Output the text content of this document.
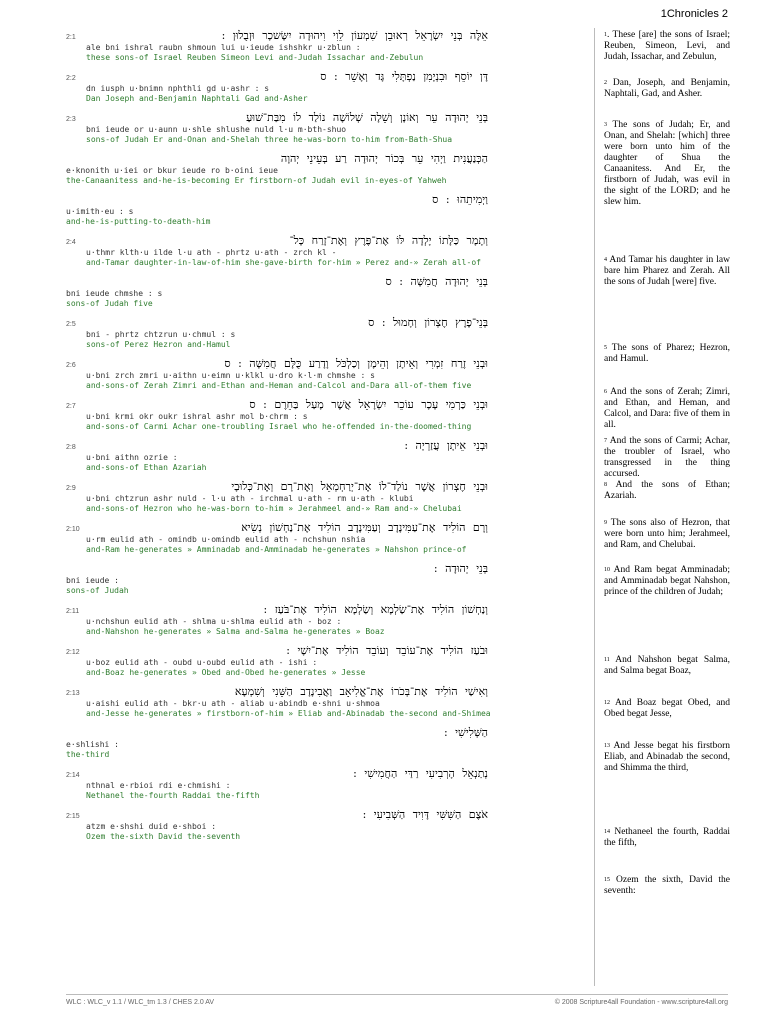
1Chronicles 2
2:1	אֵלֶּה בְּנֵי יִשְׂרָאֵל רְאוּבֵן שִׁמְעוֹן לֵוִי וִיהוּדָה יִשָּׂשכָר וּזְבֻלוּן :
ale bni ishral raubn shmoun lui u·ieude ishshkr u·zblun :
these sons-of Israel Reuben Simeon Levi and-Judah Issachar and-Zebulun
2:2	דָּן יוֹסֵף וּבִנְיָמִן נַפְתָּלִי גָּד וְאָשֵׁר : ס
dn iusph u·bnimn nphthli gd u·ashr : s
Dan Joseph and-Benjamin Naphtali Gad and-Asher
2:3	בְּנֵי יְהוּדָה עֵר וְאוֹנָן וְשֵׁלָה שְׁלוֹשָׁה נוֹלַד לוֹ מִבַּת־שׁוּעַ
bni ieude or u·aunn u·shle shlushe nuld l·u m·bth-shuo
sons-of Judah Er and-Onan and-Shelah three he-was-born to-him from-Bath-Shua
הַכְּנַעֲנִית וַיְהִי עֵר בְּכוֹר יְהוּדָה רַע בְּעֵינֵי יְהוָה
e·knonith u·iei or bkur ieude ro b·oini ieue
the-Canaanitess and-he-is-becoming Er firstborn-of Judah evil in-eyes-of Yahweh
וַיְמִיתֵהוּ : ס
u·imith·eu : s
and-he-is-putting-to-death-him
2:4	וְתָמָר כַּלָּתוֹ יָלְדָה לּוֹ אֶת־פֶּרֶץ וְאֶת־זָרַח כָּל־
u·thmr klth·u ilde l·u ath - phrtz u·ath - zrch kl -
and-Tamar daughter-in-law-of-him she-gave-birth for-him » Perez and-» Zerah all-of
בְּנֵי יְהוּדָה חֲמִשָּׁה : ס
bni ieude chmshe : s
sons-of Judah five
2:5	בְּנֵי־פֶרֶץ חֶצְרוֹן וְחָמוּל : ס
bni - phrtz chtzrun u·chmul : s
sons-of Perez Hezron and-Hamul
2:6	וּבְנֵי זֶרַח זִמְרִי וְאֵיתָן וְהֵימָן וְכַלְכֹּל וָדָרַע כֻּלָּם חֲמִשָּׁה : ס
u·bni zrch zmri u·aithn u·eimn u·klkl u·dro k·l·m chmshe : s
and-sons-of Zerah Zimri and-Ethan and-Heman and-Calcol and-Dara all-of-them five
2:7	וּבְנֵי כַּרְמִי עָכָר עוֹכֵר יִשְׂרָאֵל אֲשֶׁר מָעַל בַּחֵרֶם : ס
u·bni krmi okr oukr ishral ashr mol b·chrm : s
and-sons-of Carmi Achar one-troubling Israel who he-offended in-the-doomed-thing
2:8	וּבְנֵי אֵיתָן עֲזַרְיָה :
u·bni aithn ozrie :
and-sons-of Ethan Azariah
2:9	וּבְנֵי חֶצְרוֹן אֲשֶׁר נוֹלַד־לוֹ אֶת־יְרַחְמְאֵל וְאֶת־רָם וְאֶת־כְּלוּבָי
u·bni chtzrun ashr nuld - l·u ath - irchmal u·ath - rm u·ath - klubi
and-sons-of Hezron who he-was-born to-him » Jerahmeel and-» Ram and-» Chelubai
2:10	וְרָם הוֹלִיד אֶת־עַמִּינָדָב וְעַמִּינָדָב הוֹלִיד אֶת־נַחְשׁוֹן נְשִׂיא
u·rm eulid ath - omindb u·omindb eulid ath - nchshun nshia
and-Ram he-generates » Amminadab and-Amminadab he-generates » Nahshon prince-of
בְּנֵי יְהוּדָה :
bni ieude :
sons-of Judah
2:11	וְנַחְשׁוֹן הוֹלִיד אֶת־שַׂלְמָא וְשַׂלְמָא הוֹלִיד אֶת־בֹּעַז :
u·nchshun eulid ath - shlma u·shlma eulid ath - boz :
and-Nahshon he-generates » Salma and-Salma he-generates » Boaz
2:12	וּבֹעַז הוֹלִיד אֶת־עוֹבֵד וְעוֹבֵד הוֹלִיד אֶת־יִשָׁי :
u·boz eulid ath - oubd u·oubd eulid ath - ishi :
and-Boaz he-generates » Obed and-Obed he-generates » Jesse
2:13	וְאִישַׁי הוֹלִיד אֶת־בְּכֹרוֹ אֶת־אֱלִיאָב וַאֲבִינָדָב הַשֵּׁנִי וְשִׁמְעָא
u·aishi eulid ath - bkr·u ath - aliab u·abindb e·shni u·shmoa
and-Jesse he-generates » firstborn-of-him » Eliab and-Abinadab the-second and-Shimea
הַשְּׁלִישִׁי :
e·shlishi :
the-third
2:14	נְתַנְאֵל הָרְבִיעִי רַדַּי הַחֲמִישִׁי :
nthnal e·rbioi rdi e·chmishi :
Nethanel the-fourth Raddai the-fifth
2:15	אֹצֶם הַשִּׁשִּׁי דָּוִיד הַשְּׁבִיעִי :
atzm e·shshi duid e·shboi :
Ozem the-sixth David the-seventh
$^1$. These [are] the sons of Israel; Reuben, Simeon, Levi, and Judah, Issachar, and Zebulun,
$^2$ Dan, Joseph, and Benjamin, Naphtali, Gad, and Asher.
$^3$ The sons of Judah; Er, and Onan, and Shelah: [which] three were born unto him of the daughter of Shua the Canaanitess. And Er, the firstborn of Judah, was evil in the sight of the LORD; and he slew him.
$^4$ And Tamar his daughter in law bare him Pharez and Zerah. All the sons of Judah [were] five.
$^5$ The sons of Pharez; Hezron, and Hamul.
$^6$ And the sons of Zerah; Zimri, and Ethan, and Heman, and Calcol, and Dara: five of them in all.
$^7$ And the sons of Carmi; Achar, the troubler of Israel, who transgressed in the thing accursed.
$^8$ And the sons of Ethan; Azariah.
$^9$ The sons also of Hezron, that were born unto him; Jerahmeel, and Ram, and Chelubai.
$^{10}$ And Ram begat Amminadab; and Amminadab begat Nahshon, prince of the children of Judah;
$^{11}$ And Nahshon begat Salma, and Salma begat Boaz,
$^{12}$ And Boaz begat Obed, and Obed begat Jesse,
$^{13}$ And Jesse begat his firstborn Eliab, and Abinadab the second, and Shimma the third,
$^{14}$ Nethaneel the fourth, Raddai the fifth,
$^{15}$ Ozem the sixth, David the seventh:
WLC : WLC_v 1.1 / WLC_tm 1.3 / CHES 2.0 AV	© 2008 Scripture4all Foundation - www.scripture4all.org
